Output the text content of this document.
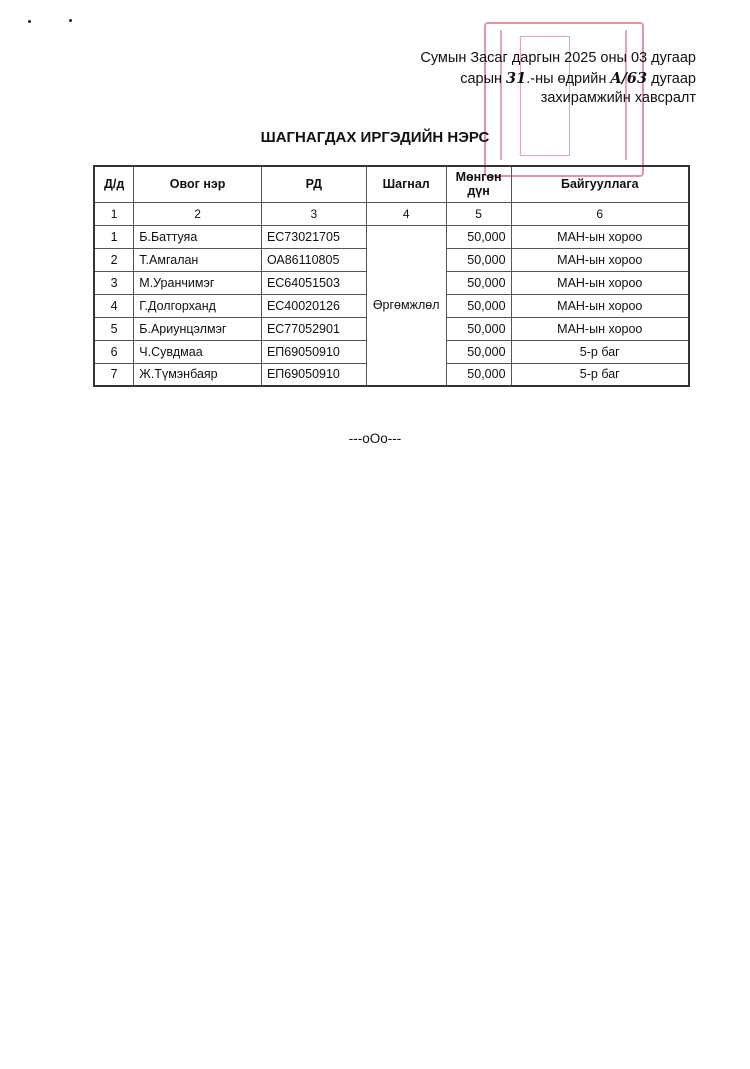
Сумын Засаг даргын 2025 оны 03 дугаар
сарын 31.-ны өдрийн A/63 дугаар
захирамжийн хавсралт
ШАГНАГДАХ ИРГЭДИЙН НЭРС
Д/д	Овог нэр	РД	Шагнал	Мөнгөн дүн	Байгууллага
1	2	3	4	5	6
1	Б.Баттуяа	ЕС73021705	Өргөмжлөл	50,000	МАН-ын хороо
2	Т.Амгалан	ОА86110805		50,000	МАН-ын хороо
3	М.Уранчимэг	ЕС64051503		50,000	МАН-ын хороо
4	Г.Долгорханд	ЕС40020126		50,000	МАН-ын хороо
5	Б.Ариунцэлмэг	ЕС77052901		50,000	МАН-ын хороо
6	Ч.Сувдмаа	ЕП69050910		50,000	5-р баг
7	Ж.Түмэнбаяр	ЕП69050910		50,000	5-р баг
---oOo---
